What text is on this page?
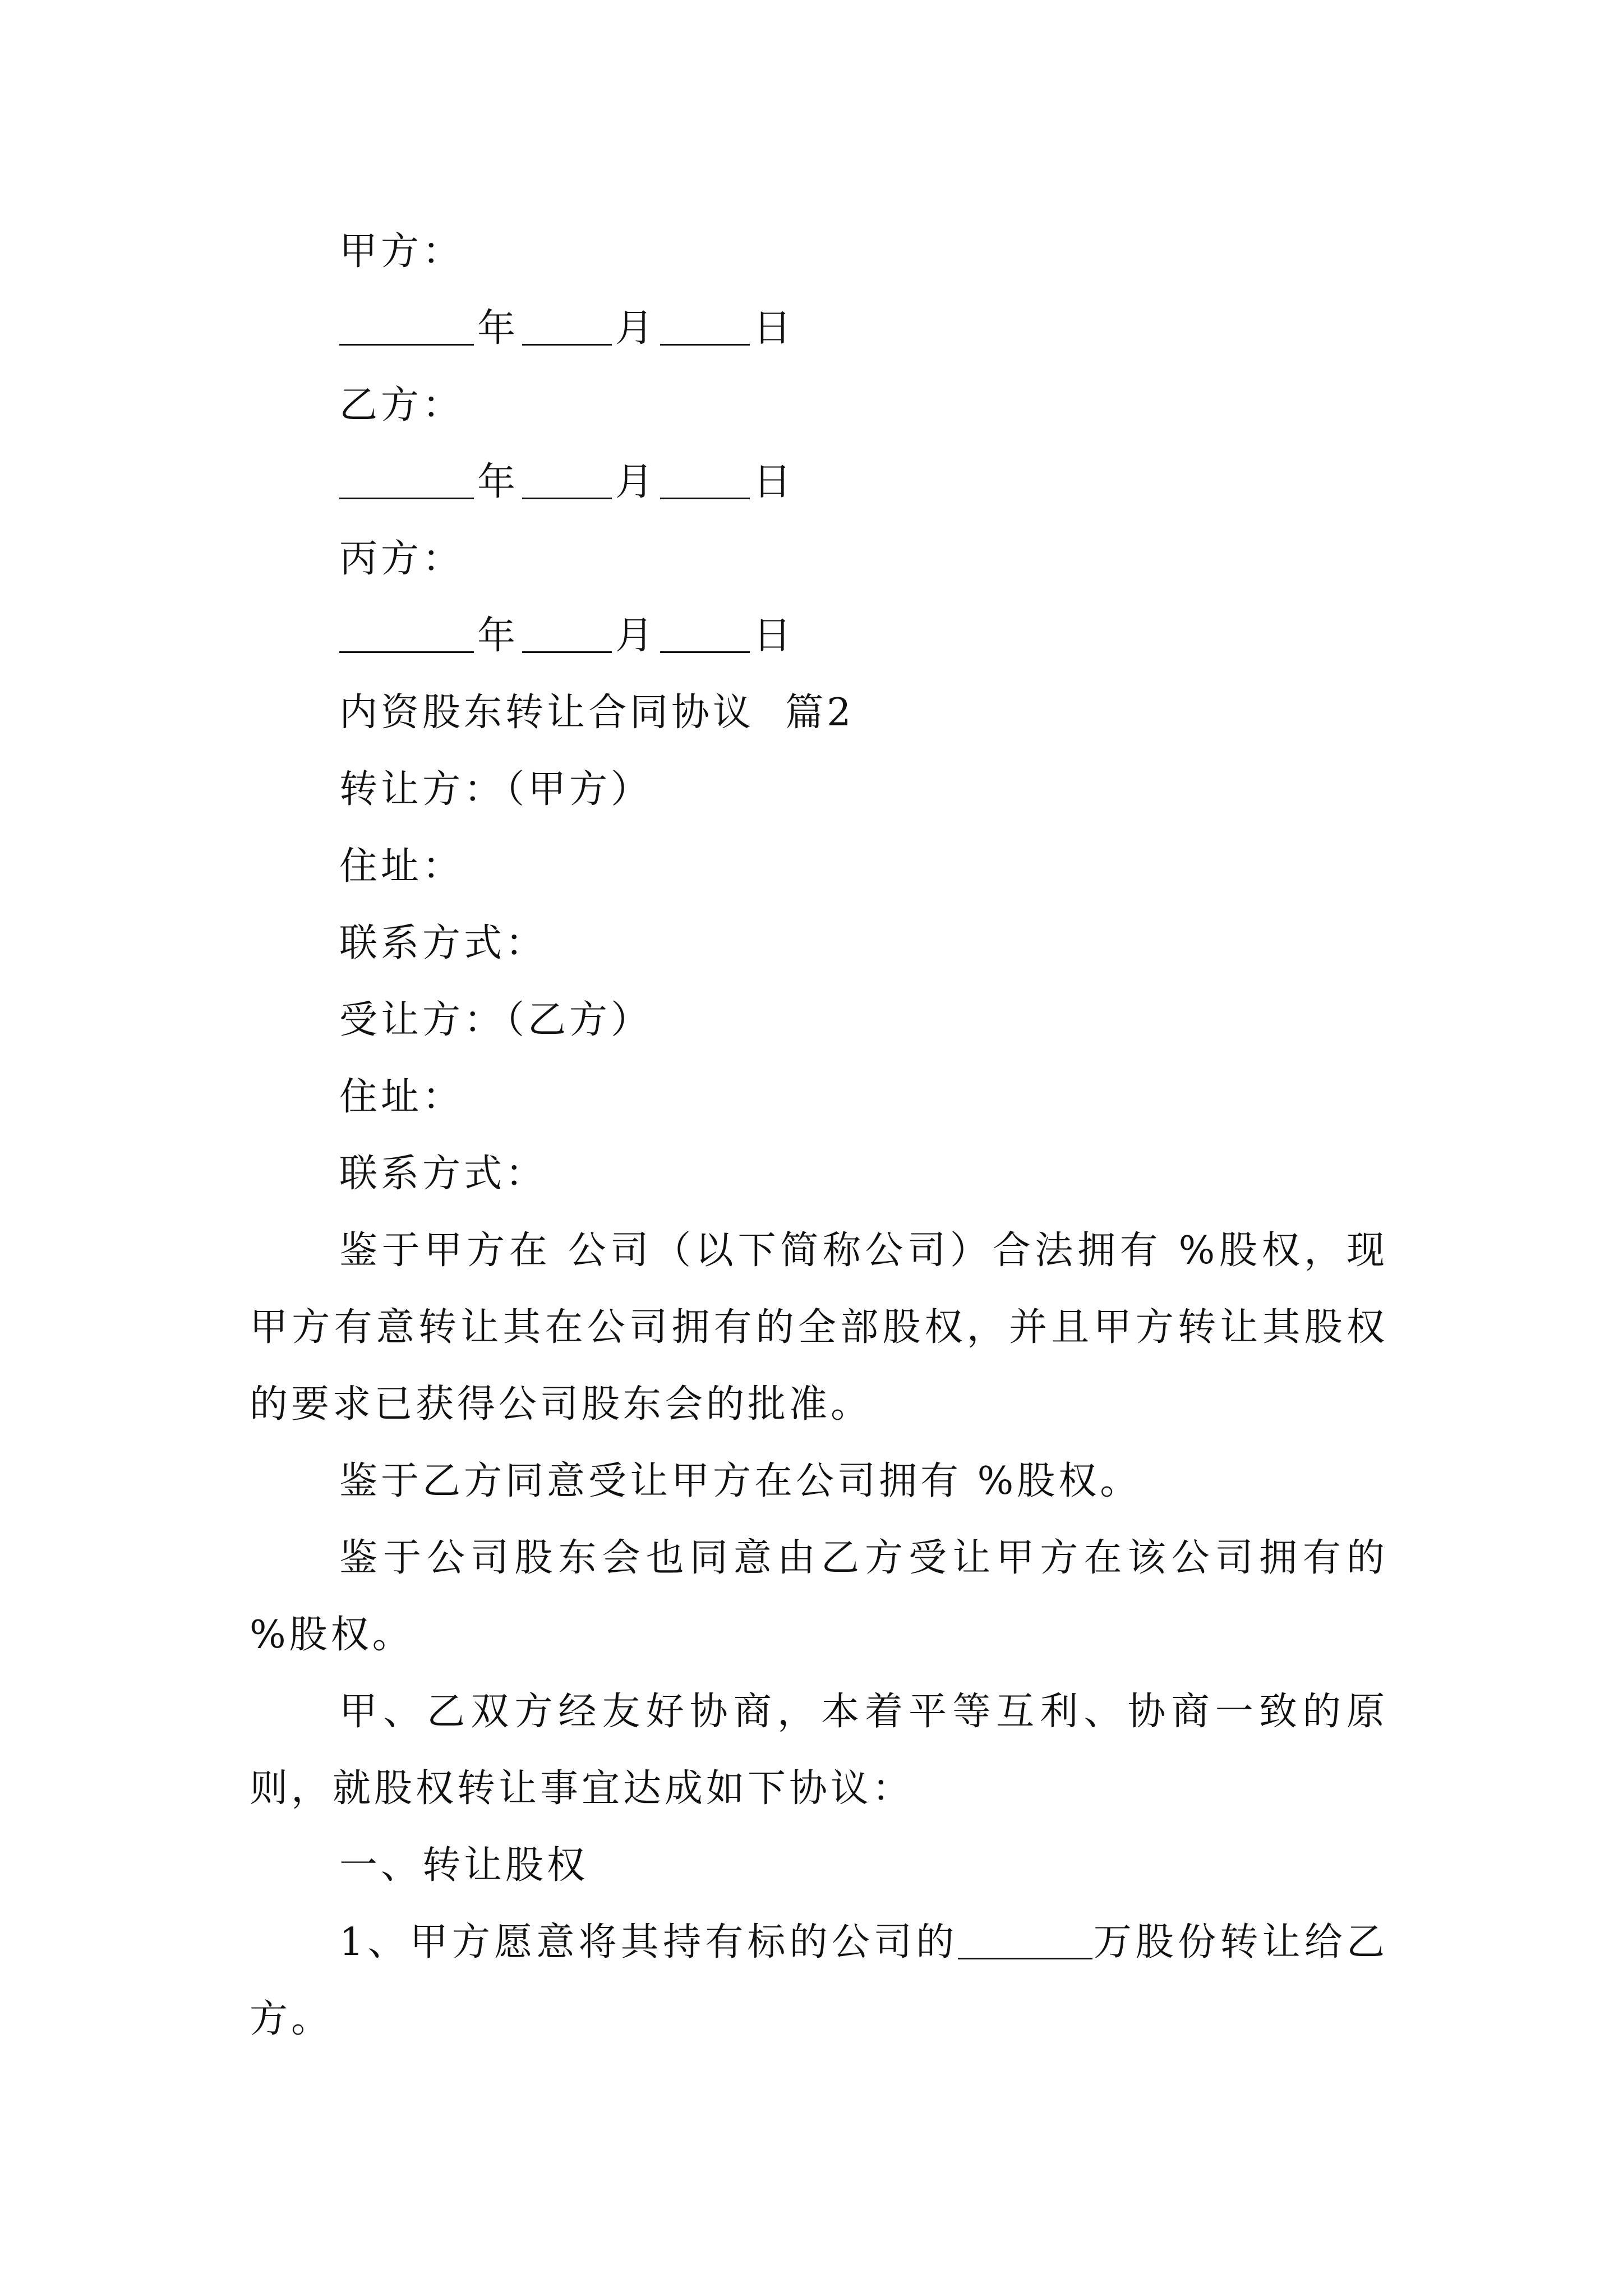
甲方：
年	月	日
乙方：
年	月	日
丙方：
年	月	日
内资股东转让合同协议  篇2
转让方：（甲方）
住址：
联系方式：
受让方：（乙方）
住址：
联系方式：
鉴于甲方在 公司（以下简称公司）合法拥有 %股权，现甲方有意转让其在公司拥有的全部股权，并且甲方转让其股权的要求已获得公司股东会的批准。
鉴于乙方同意受让甲方在公司拥有 %股权。
鉴于公司股东会也同意由乙方受让甲方在该公司拥有的 %股权。
甲、乙双方经友好协商，本着平等互利、协商一致的原则，就股权转让事宜达成如下协议：
一、转让股权
1、甲方愿意将其持有标的公司的	万股份转让给乙方。
